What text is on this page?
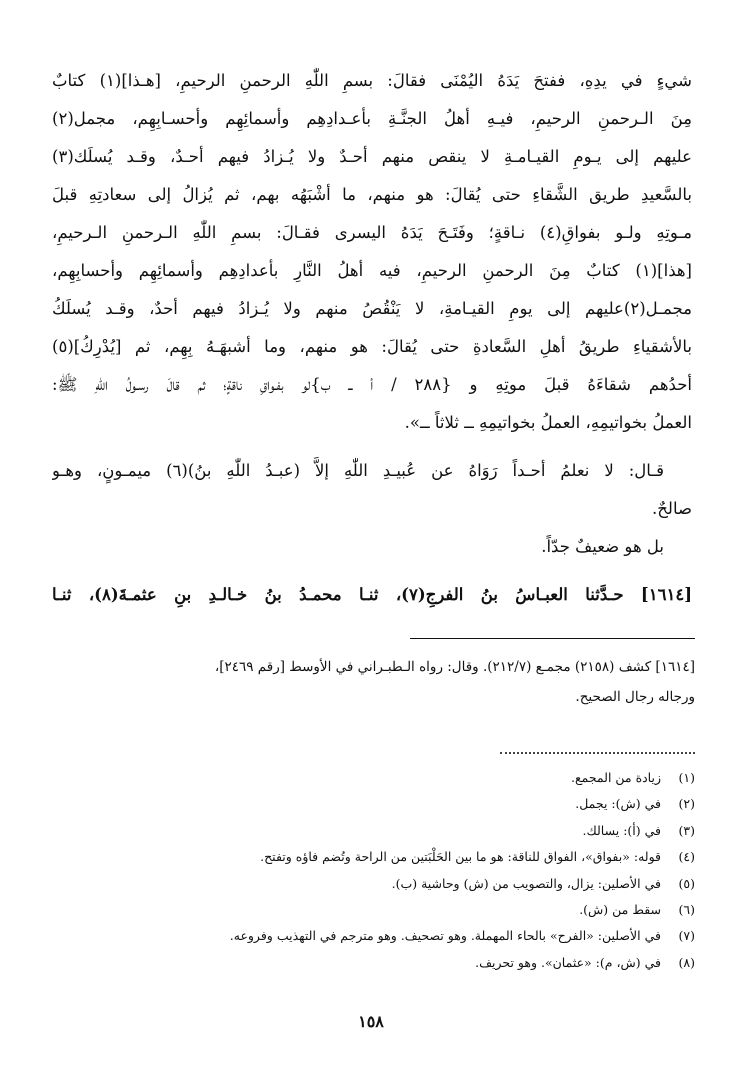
شيءٍ في يدِهِ، ففتحَ يَدَهُ اليُمْنَى فقالَ: بسمِ اللّٰهِ الرحمنِ الرحيمِ، [هـذا](١) كتابٌ
مِنَ الـرحمنِ الرحيمِ، فيـهِ أهلُ الجنَّـةِ بأعـدادِهِم وأسمائِهِم وأحسـابِهِم، مجمل(٢)
عليهم إلى يـومِ القيـامـةِ لا ينقص منهم أحـدٌ ولا يُـزادُ فيهم أحـدٌ، وقـد يُسلَك(٣)
بالسَّعيدِ طريق الشَّقاءِ حتى يُقالَ: هو منهم، ما أشْبَهُه بهم، ثم يُزالُ إلى سعادتِهِ قبلَ
مـوتِهِ ولـو بفواقِ(٤) نـاقةٍ؛ وفَتَـحَ يَدَهُ اليسرى فقـالَ: بسمِ اللّٰهِ الـرحمنِ الـرحيمِ،
[هذا](١) كتابٌ مِنَ الرحمنِ الرحيمِ، فيه أهلُ النَّارِ بأعدادِهِم وأسمائِهِم وأحسابِهِم،
مجمـل(٢)عليهم إلى يومِ القيـامةِ، لا يَنْقُصُ منهم ولا يُـزادُ فيهم أحدٌ، وقـد يُسلَكُ
بالأشقياءِ طريقُ أهلِ السَّعادةِ حتى يُقالَ: هو منهم، وما أشبهَـهُ بِهِم، ثم [يُدْرِكُ](٥)
أحدُهم شقاءَهُ قبلَ موتِهِ و {٢٨٨ / أ ــ ب}لو بفـواقِ ناقةٍ؛ ثم قالَ رسـولُ اللّٰهِ ﷺ:
العملُ بخواتيمِهِ، العملُ بخواتيمِهِ ــ ثلاثاً ــ».
قـال: لا نعلمُ أحـداً رَوَاهُ عن عُبيـدِ اللّٰهِ إلاَّ (عبـدُ اللّٰهِ بنُ)(٦) ميمـونٍ، وهـو
صالحٌ.
بل هو ضعيفٌ جدّاً.
[١٦١٤] حـدَّثنا العبـاسُ بنُ الفرجِ(٧)، ثنـا محمـدُ بنُ خـالـدِ بنِ عثمـةَ(٨)، ثنـا
[١٦١٤] كشف (٢١٥٨) مجمـع (٢١٢/٧). وقال: رواه الـطبـراني في الأوسط [رقم ٢٤٦٩]،
ورجاله رجال الصحيح.
(١) زيادة من المجمع.
(٢) في (ش): يجمل.
(٣) في (أ): يسالك.
(٤) قوله: «بفواق»، الفواق للناقة: هو ما بين الحَلْبَتين من الراحة وتُضم فاؤه وتفتح.
(٥) في الأصلين: يزال، والتصويب من (ش) وحاشية (ب).
(٦) سقط من (ش).
(٧) في الأصلين: «الفرح» بالحاء المهملة. وهو تصحيف. وهو مترجم في التهذيب وفروعه.
(٨) في (ش، م): «عثمان». وهو تحريف.
١٥٨
